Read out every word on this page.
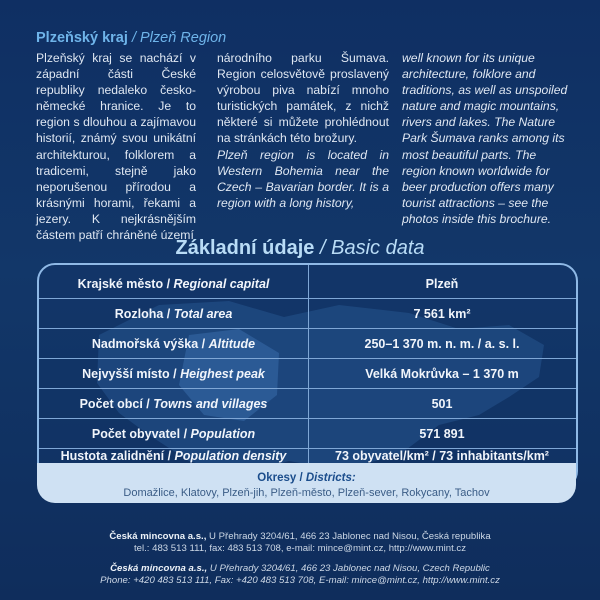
Plzeňský kraj / Plzeň Region

Plzeňský kraj se nachází v západní části České republiky nedaleko česko-německé hranice. Je to region s dlouhou a zajímavou historií, známý svou unikátní architekturou, folklorem a tradicemi, stejně jako neporušenou přírodou a krásnými horami, řekami a jezery. K nejkrásnějším částem patří chráněné území

národního parku Šumava. Region celosvětově proslavený výrobou piva nabízí mnoho turistických památek, z nichž některé si můžete prohlédnout na stránkách této brožury.

Plzeň region is located in Western Bohemia near the Czech – Bavarian border. It is a region with a long history,

well known for its unique architecture, folklore and traditions, as well as unspoiled nature and magic mountains, rivers and lakes. The Nature Park Šumava ranks among its most beautiful parts. The region known worldwide for beer production offers many tourist attractions – see the photos inside this brochure.

Základní údaje / Basic data
Krajské město / Regional capital	Plzeň
Rozloha / Total area	7 561 km²
Nadmořská výška / Altitude	250–1 370 m. n. m. / a. s. l.
Nejvyšší místo / Heighest peak	Velká Mokrůvka – 1 370 m
Počet obcí / Towns and villages	501
Počet obyvatel / Population	571 891
Hustota zalidnění / Population density	73 obyvatel/km² / 73 inhabitants/km²
Okresy / Districts:
Domažlice, Klatovy, Plzeň-jih, Plzeň-město, Plzeň-sever, Rokycany, Tachov
Česká mincovna a.s., U Přehrady 3204/61, 466 23 Jablonec nad Nisou, Česká republika
tel.: 483 513 111, fax: 483 513 708, e-mail: mince@mint.cz, http://www.mint.cz
Česká mincovna a.s., U Přehrady 3204/61, 466 23 Jablonec nad Nisou, Czech Republic
Phone: +420 483 513 111, Fax: +420 483 513 708, E-mail: mince@mint.cz, http://www.mint.cz
